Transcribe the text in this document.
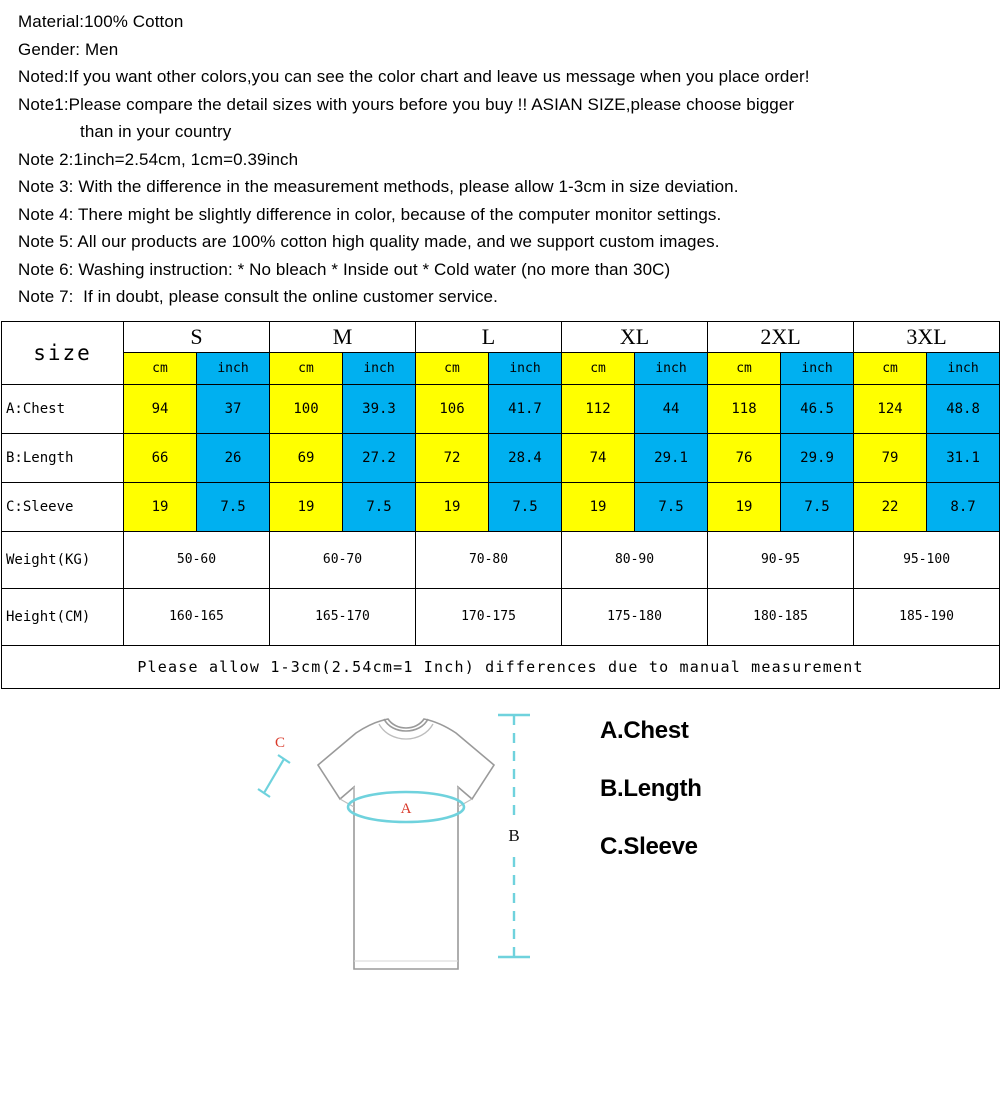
Material:100% Cotton
Gender: Men
Noted:If you want other colors,you can see the color chart and leave us message when you place order!
Note1:Please compare the detail sizes with yours before you buy !! ASIAN SIZE,please choose bigger
than in your country
Note 2:1inch=2.54cm, 1cm=0.39inch
Note 3: With the difference in the measurement methods, please allow 1-3cm in size deviation.
Note 4: There might be slightly difference in color, because of the computer monitor settings.
Note 5: All our products are 100% cotton high quality made, and we support custom images.
Note 6: Washing instruction: * No bleach * Inside out * Cold water (no more than 30C)
Note 7:  If in doubt, please consult the online customer service.
size	S		M		L		XL		2XL		3XL	
	cm	inch	cm	inch	cm	inch	cm	inch	cm	inch	cm	inch
A:Chest	94	37	100	39.3	106	41.7	112	44	118	46.5	124	48.8
B:Length	66	26	69	27.2	72	28.4	74	29.1	76	29.9	79	31.1
C:Sleeve	19	7.5	19	7.5	19	7.5	19	7.5	19	7.5	22	8.7
Weight(KG)	50-60		60-70		70-80		80-90		90-95		95-100	
Height(CM)	160-165		165-170		170-175		175-180		180-185		185-190	
Please allow 1-3cm(2.54cm=1 Inch) differences due to manual measurement												
A
C
B
A.Chest
B.Length
C.Sleeve
